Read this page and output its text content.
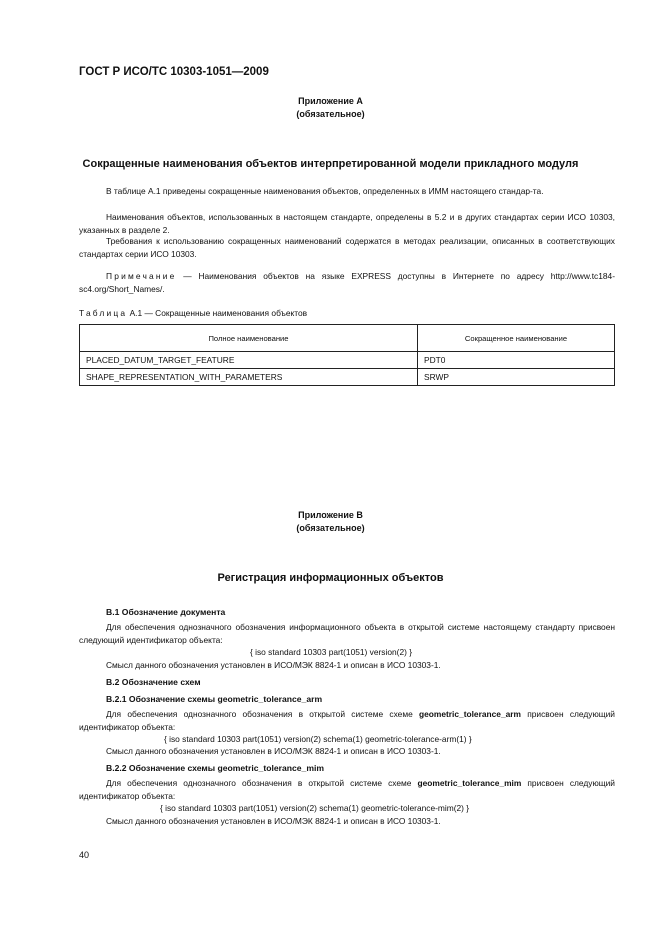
ГОСТ Р ИСО/ТС 10303-1051—2009
Приложение А
(обязательное)
Сокращенные наименования объектов интерпретированной модели прикладного модуля
В таблице А.1 приведены сокращенные наименования объектов, определенных в ИММ настоящего стандар-та.
Наименования объектов, использованных в настоящем стандарте, определены в 5.2 и в других стандартах серии ИСО 10303, указанных в разделе 2.
Требования к использованию сокращенных наименований содержатся в методах реализации, описанных в соответствующих стандартах серии ИСО 10303.
Примечание — Наименования объектов на языке EXPRESS доступны в Интернете по адресу http://www.tc184-sc4.org/Short_Names/.
Таблица А.1 — Сокращенные наименования объектов
Полное наименование	Сокращенное наименование
PLACED_DATUM_TARGET_FEATURE	PDT0
SHAPE_REPRESENTATION_WITH_PARAMETERS	SRWP
Приложение В
(обязательное)
Регистрация информационных объектов
В.1 Обозначение документа
Для обеспечения однозначного обозначения информационного объекта в открытой системе настоящему стандарту присвоен следующий идентификатор объекта:
{ iso standard 10303 part(1051) version(2) }
Смысл данного обозначения установлен в ИСО/МЭК 8824-1 и описан в ИСО 10303-1.
В.2 Обозначение схем
В.2.1 Обозначение схемы geometric_tolerance_arm
Для обеспечения однозначного обозначения в открытой системе схеме geometric_tolerance_arm присвоен следующий идентификатор объекта:
{ iso standard 10303 part(1051) version(2) schema(1) geometric-tolerance-arm(1) }
Смысл данного обозначения установлен в ИСО/МЭК 8824-1 и описан в ИСО 10303-1.
В.2.2 Обозначение схемы geometric_tolerance_mim
Для обеспечения однозначного обозначения в открытой системе схеме geometric_tolerance_mim присвоен следующий идентификатор объекта:
{ iso standard 10303 part(1051) version(2) schema(1) geometric-tolerance-mim(2) }
Смысл данного обозначения установлен в ИСО/МЭК 8824-1 и описан в ИСО 10303-1.
40
